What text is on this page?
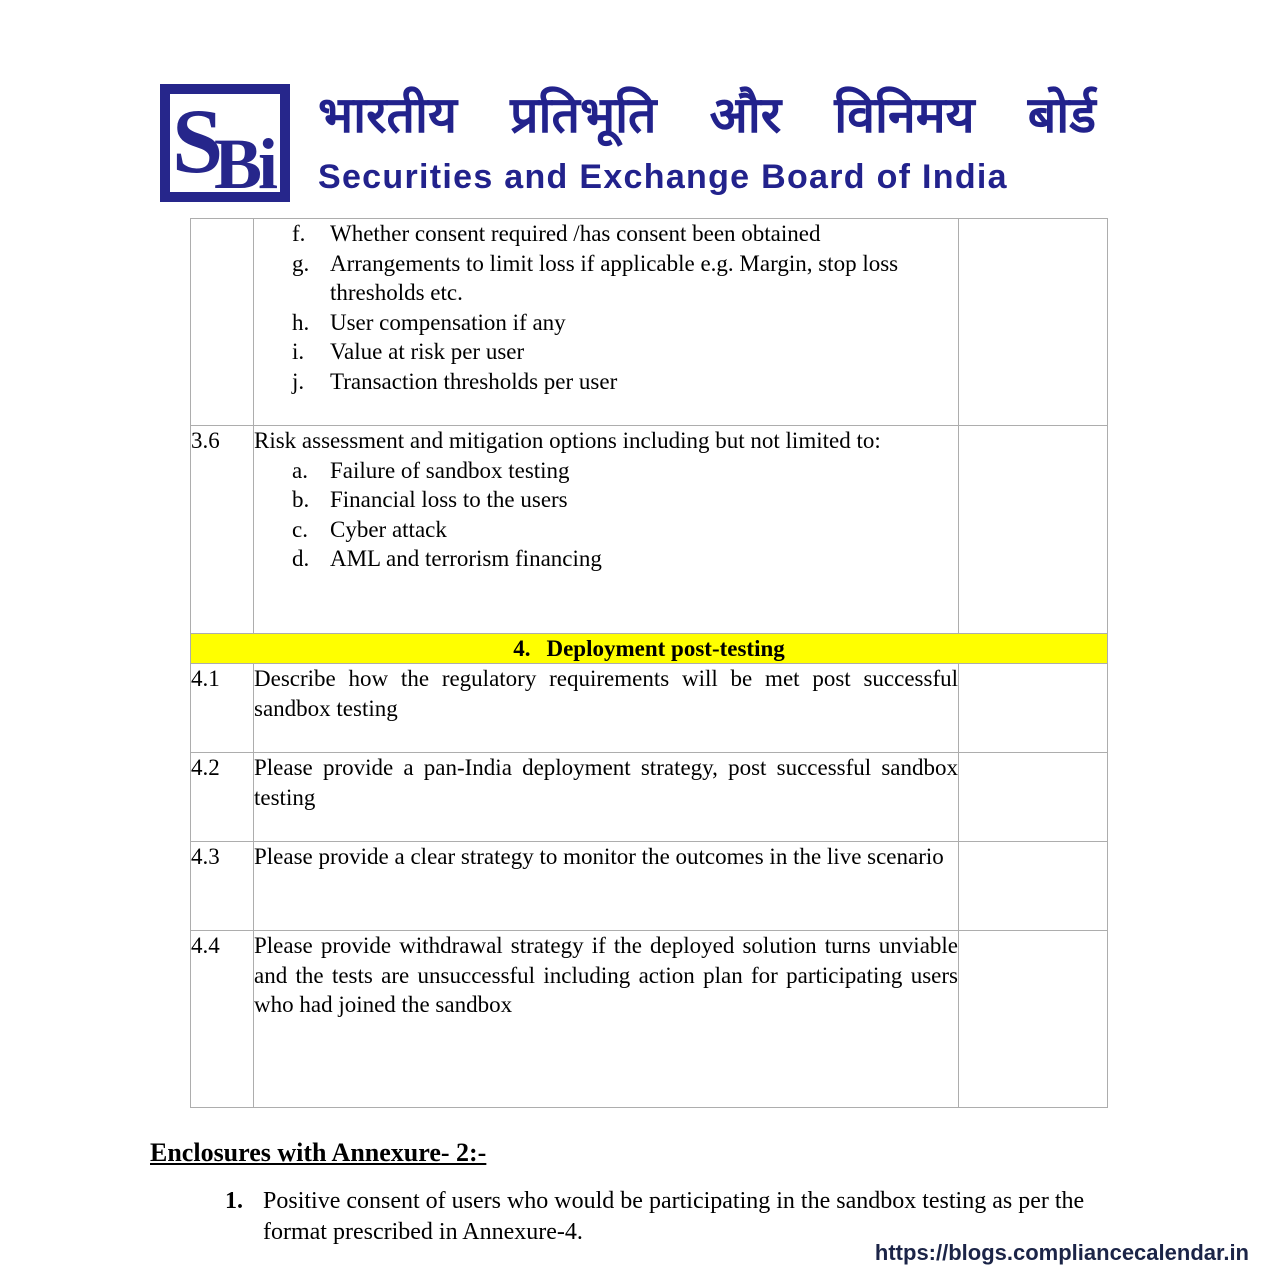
S
B
i
भारतीय प्रतिभूति और विनिमय बोर्ड
Securities and Exchange Board of India

f.	Whether consent required /has consent been obtained
g. Arrangements to limit loss if applicable e.g. Margin, stop loss thresholds etc.
h. User compensation if any
i.	Value at risk per user
j.	Transaction thresholds per user

3.6	Risk assessment and mitigation options including but not limited to:

a. Failure of sandbox testing
b. Financial loss to the users
c. Cyber attack
d. AML and terrorism financing

4. Deployment post-testing		
4.1	Describe how the regulatory requirements will be met post successful sandbox testing	
4.2	Please provide a pan-India deployment strategy, post successful sandbox testing	
4.3	Please provide a clear strategy to monitor the outcomes in the live scenario	
4.4	Please provide withdrawal strategy if the deployed solution turns unviable and the tests are unsuccessful including action plan for participating users who had joined the sandbox	
Enclosures with Annexure- 2:-
1. Positive consent of users who would be participating in the sandbox testing as per the format prescribed in Annexure-4.
https://blogs.compliancecalendar.in
